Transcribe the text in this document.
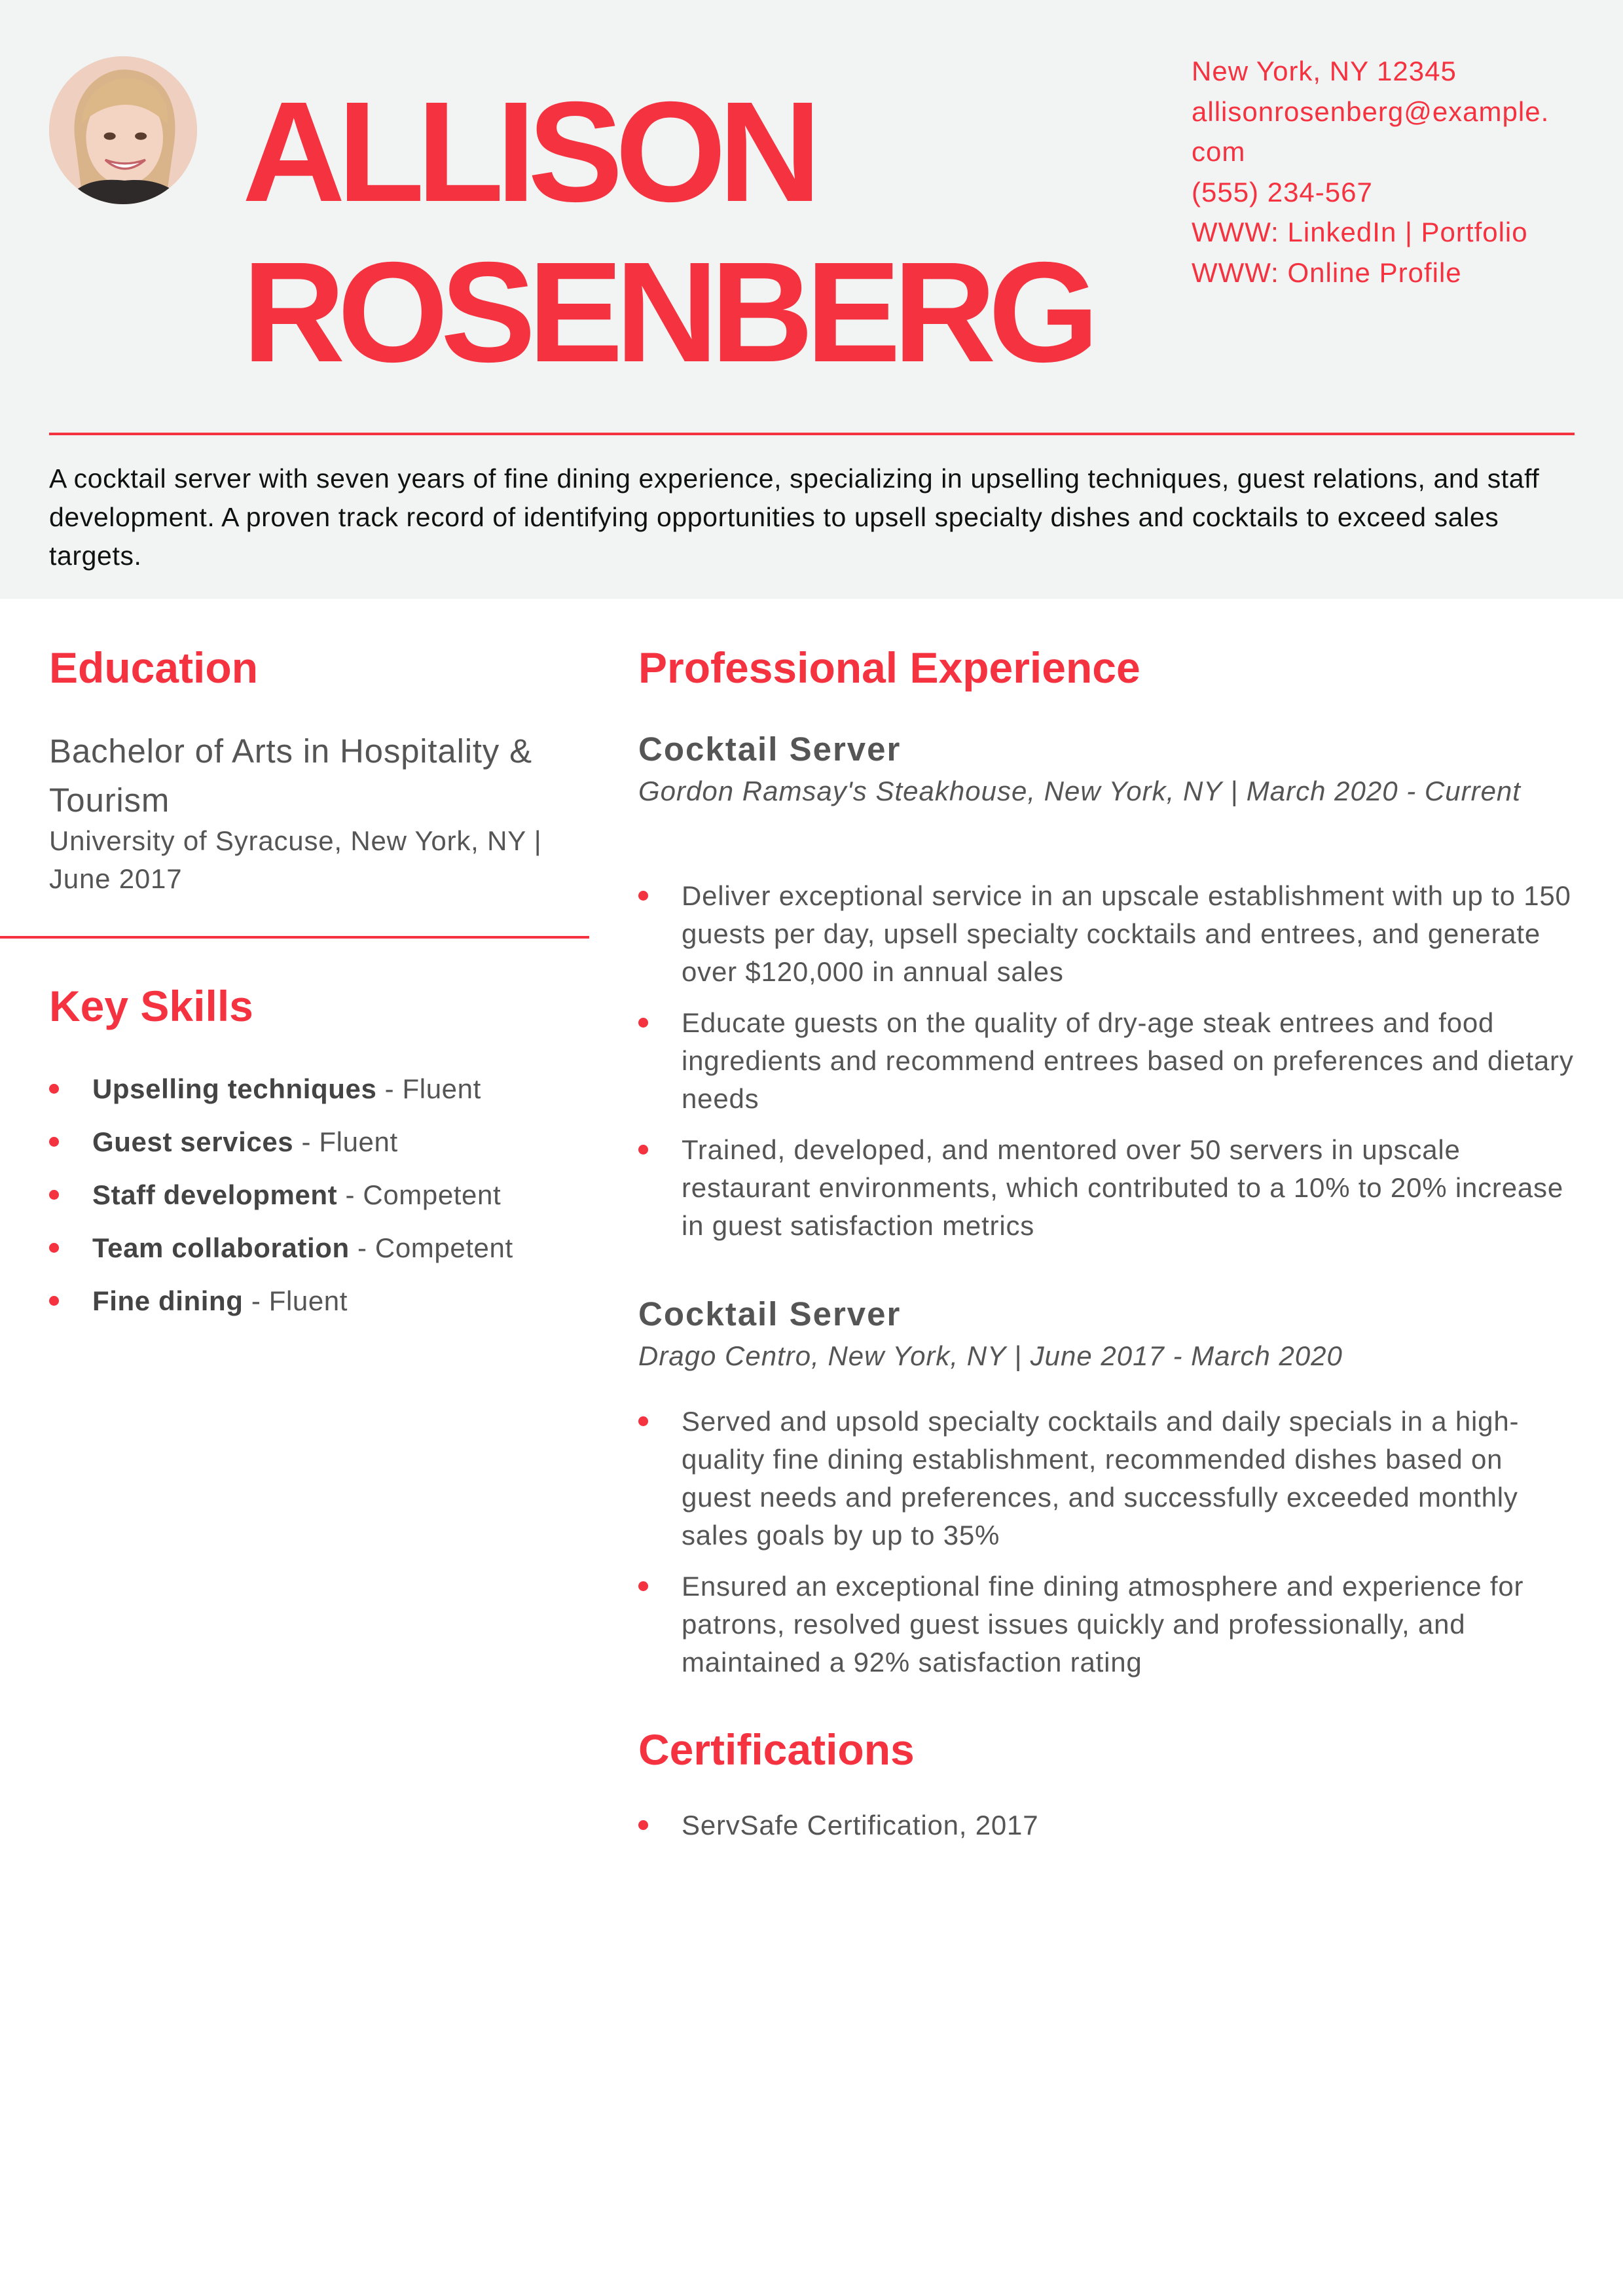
ALLISON
ROSENBERG
New York, NY 12345
allisonrosenberg@example.
com
(555) 234-567
WWW: LinkedIn | Portfolio
WWW: Online Profile
A cocktail server with seven years of fine dining experience, specializing in upselling techniques, guest relations, and staff development. A proven track record of identifying opportunities to upsell specialty dishes and cocktails to exceed sales targets.
Education
Bachelor of Arts in Hospitality & Tourism
University of Syracuse, New York, NY | June 2017
Key Skills
Upselling techniques - Fluent
Guest services - Fluent
Staff development - Competent
Team collaboration - Competent
Fine dining - Fluent
Professional Experience
Cocktail Server
Gordon Ramsay's Steakhouse, New York, NY | March 2020 - Current
Deliver exceptional service in an upscale establishment with up to 150 guests per day, upsell specialty cocktails and entrees, and generate over $120,000 in annual sales
Educate guests on the quality of dry-age steak entrees and food ingredients and recommend entrees based on preferences and dietary needs
Trained, developed, and mentored over 50 servers in upscale restaurant environments, which contributed to a 10% to 20% increase in guest satisfaction metrics
Cocktail Server
Drago Centro, New York, NY | June 2017 - March 2020
Served and upsold specialty cocktails and daily specials in a high-quality fine dining establishment, recommended dishes based on guest needs and preferences, and successfully exceeded monthly sales goals by up to 35%
Ensured an exceptional fine dining atmosphere and experience for patrons, resolved guest issues quickly and professionally, and maintained a 92% satisfaction rating
Certifications
ServSafe Certification, 2017
